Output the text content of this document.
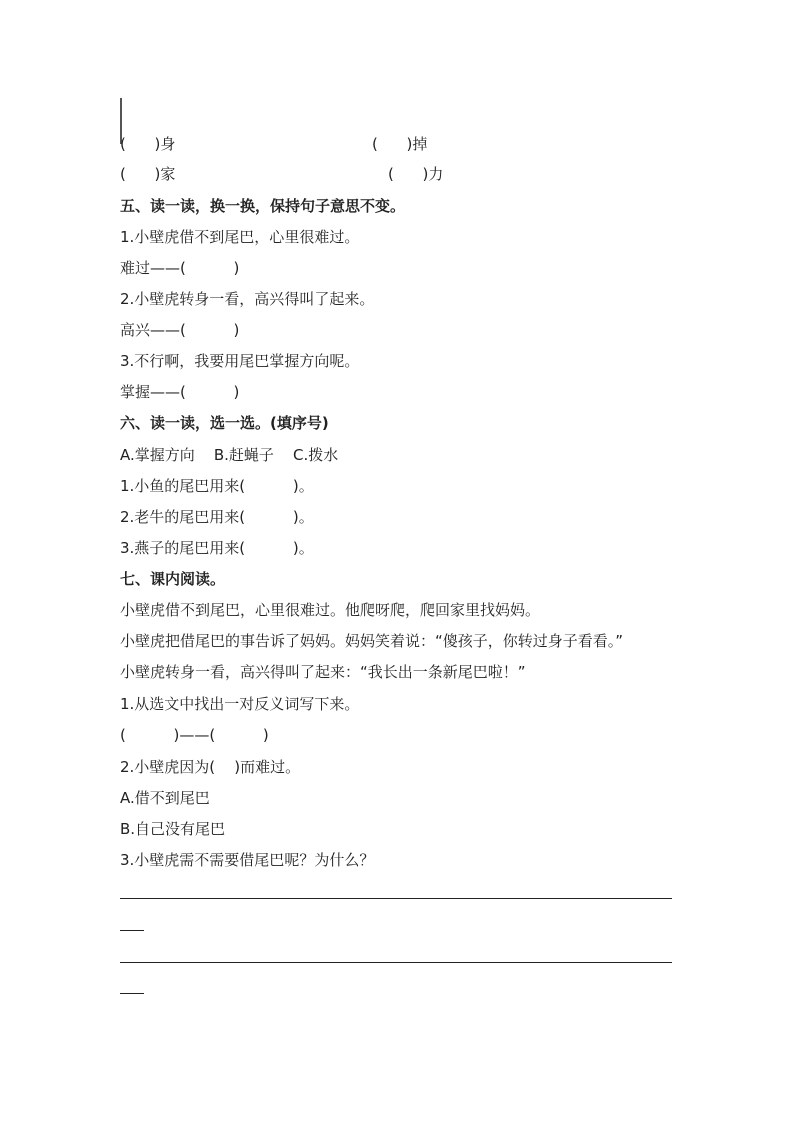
(      )身	(      )掉
(      )家	(      )力
五、读一读，换一换，保持句子意思不变。
1.小壁虎借不到尾巴，心里很难过。
难过——(          )
2.小壁虎转身一看，高兴得叫了起来。
高兴——(          )
3.不行啊，我要用尾巴掌握方向呢。
掌握——(          )
六、读一读，选一选。(填序号)
A.掌握方向    B.赶蝇子    C.拨水
1.小鱼的尾巴用来(          )。
2.老牛的尾巴用来(          )。
3.燕子的尾巴用来(          )。
七、课内阅读。
小壁虎借不到尾巴，心里很难过。他爬呀爬，爬回家里找妈妈。
小壁虎把借尾巴的事告诉了妈妈。妈妈笑着说：“傻孩子，你转过身子看看。”
小壁虎转身一看，高兴得叫了起来：“我长出一条新尾巴啦！”
1.从选文中找出一对反义词写下来。
(          )——(          )
2.小壁虎因为(    )而难过。
A.借不到尾巴
B.自己没有尾巴
3.小壁虎需不需要借尾巴呢？为什么？
